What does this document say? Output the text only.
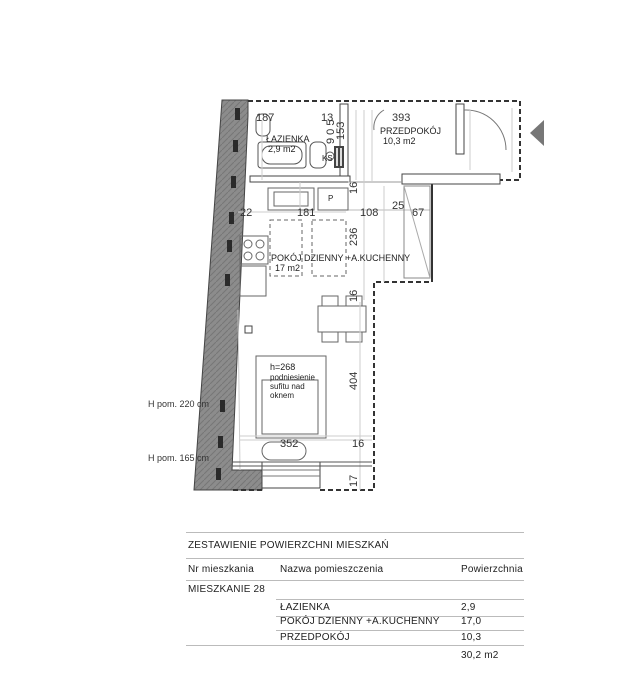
187	13	393
153
9 0 5
16
22	181	108
25
67
236
16
404
352	16
17
ŁAZIENKA
2,9 m2
PRZEDPOKÓJ
10,3 m2
POKÓJ DZIENNY +A.KUCHENNY
17 m2
KS
P
h=268
podniesienie
sufitu nad
oknem
H pom. 220 cm
H pom. 165 cm
ZESTAWIENIE POWIERZCHNI MIESZKAŃ
Nr mieszkania	Nazwa pomieszczenia	Powierzchnia
MIESZKANIE 28
ŁAZIENKA	2,9
POKÓJ DZIENNY +A.KUCHENNY 17,0
PRZEDPOKÓJ	10,3
30,2 m2
